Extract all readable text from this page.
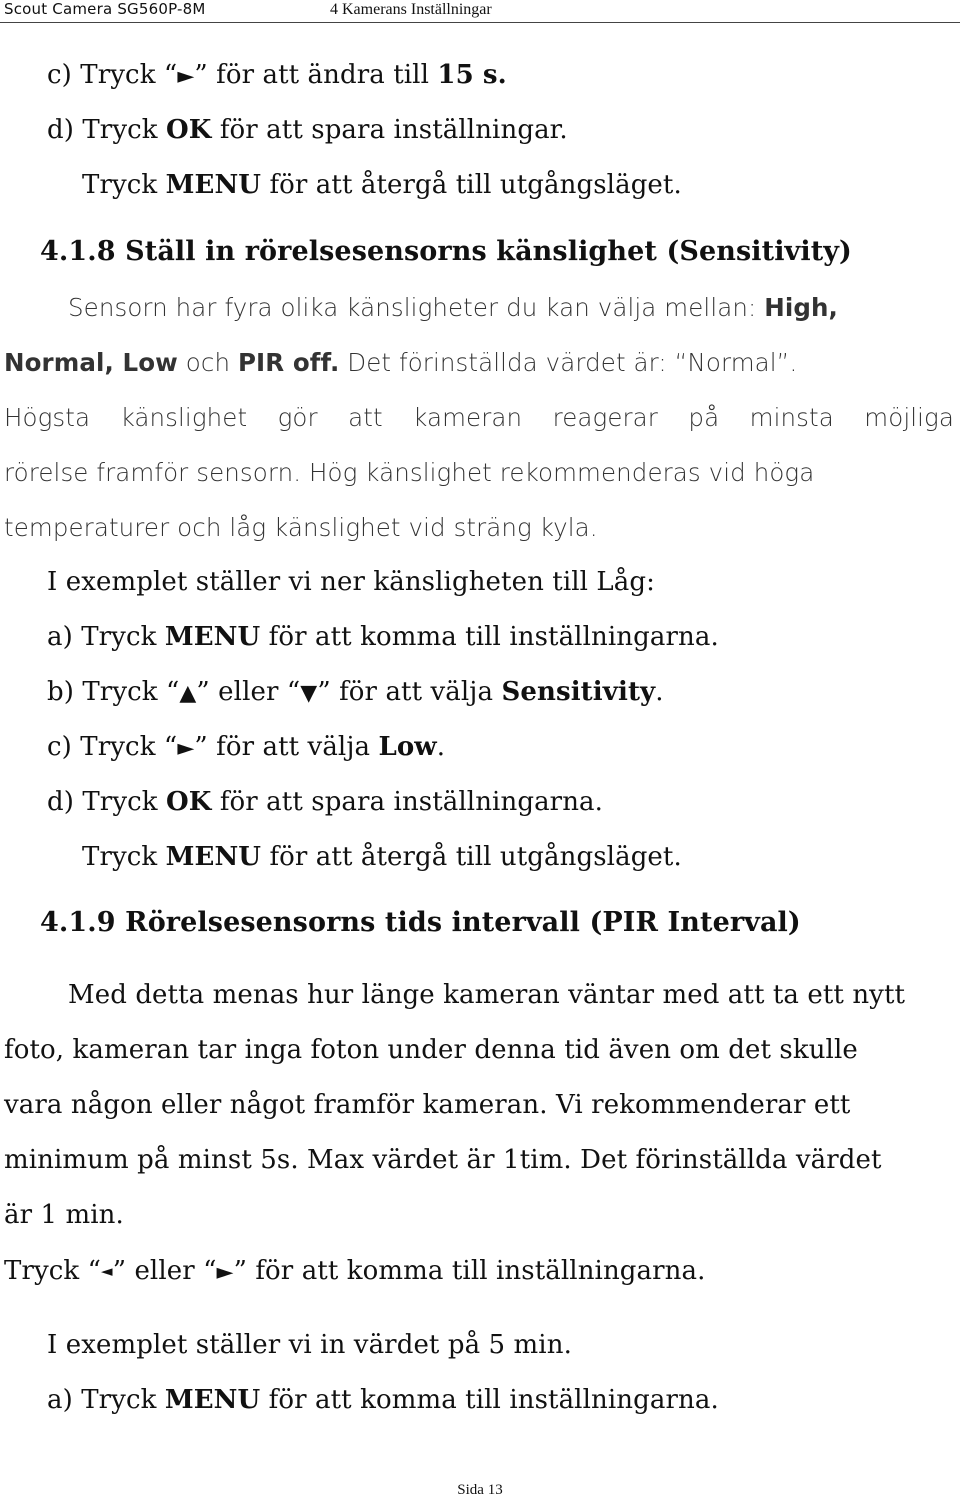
Scout Camera SG560P-8M	4 Kamerans Inställningar
c) Tryck “►” för att ändra till 15 s.
d) Tryck OK för att spara inställningar.
Tryck MENU för att återgå till utgångsläget.
4.1.8 Ställ in rörelsesensorns känslighet (Sensitivity)
Sensorn har fyra olika känsligheter du kan välja mellan: High,
Normal, Low och PIR off. Det förinställda värdet är: “Normal”.
Högsta känslighet gör att kameran reagerar på minsta möjliga
rörelse framför sensorn. Hög känslighet rekommenderas vid höga
temperaturer och låg känslighet vid sträng kyla.
I exemplet ställer vi ner känsligheten till Låg:
a) Tryck MENU för att komma till inställningarna.
b) Tryck “▲” eller “▼” för att välja Sensitivity.
c) Tryck “►” för att välja Low.
d) Tryck OK för att spara inställningarna.
Tryck MENU för att återgå till utgångsläget.
4.1.9 Rörelsesensorns tids intervall (PIR Interval)
Med detta menas hur länge kameran väntar med att ta ett nytt
foto, kameran tar inga foton under denna tid även om det skulle
vara någon eller något framför kameran. Vi rekommenderar ett
minimum på minst 5s. Max värdet är 1tim. Det förinställda värdet
är 1 min.
Tryck “◄” eller “►” för att komma till inställningarna.
I exemplet ställer vi in värdet på 5 min.
a) Tryck MENU för att komma till inställningarna.
Sida 13
